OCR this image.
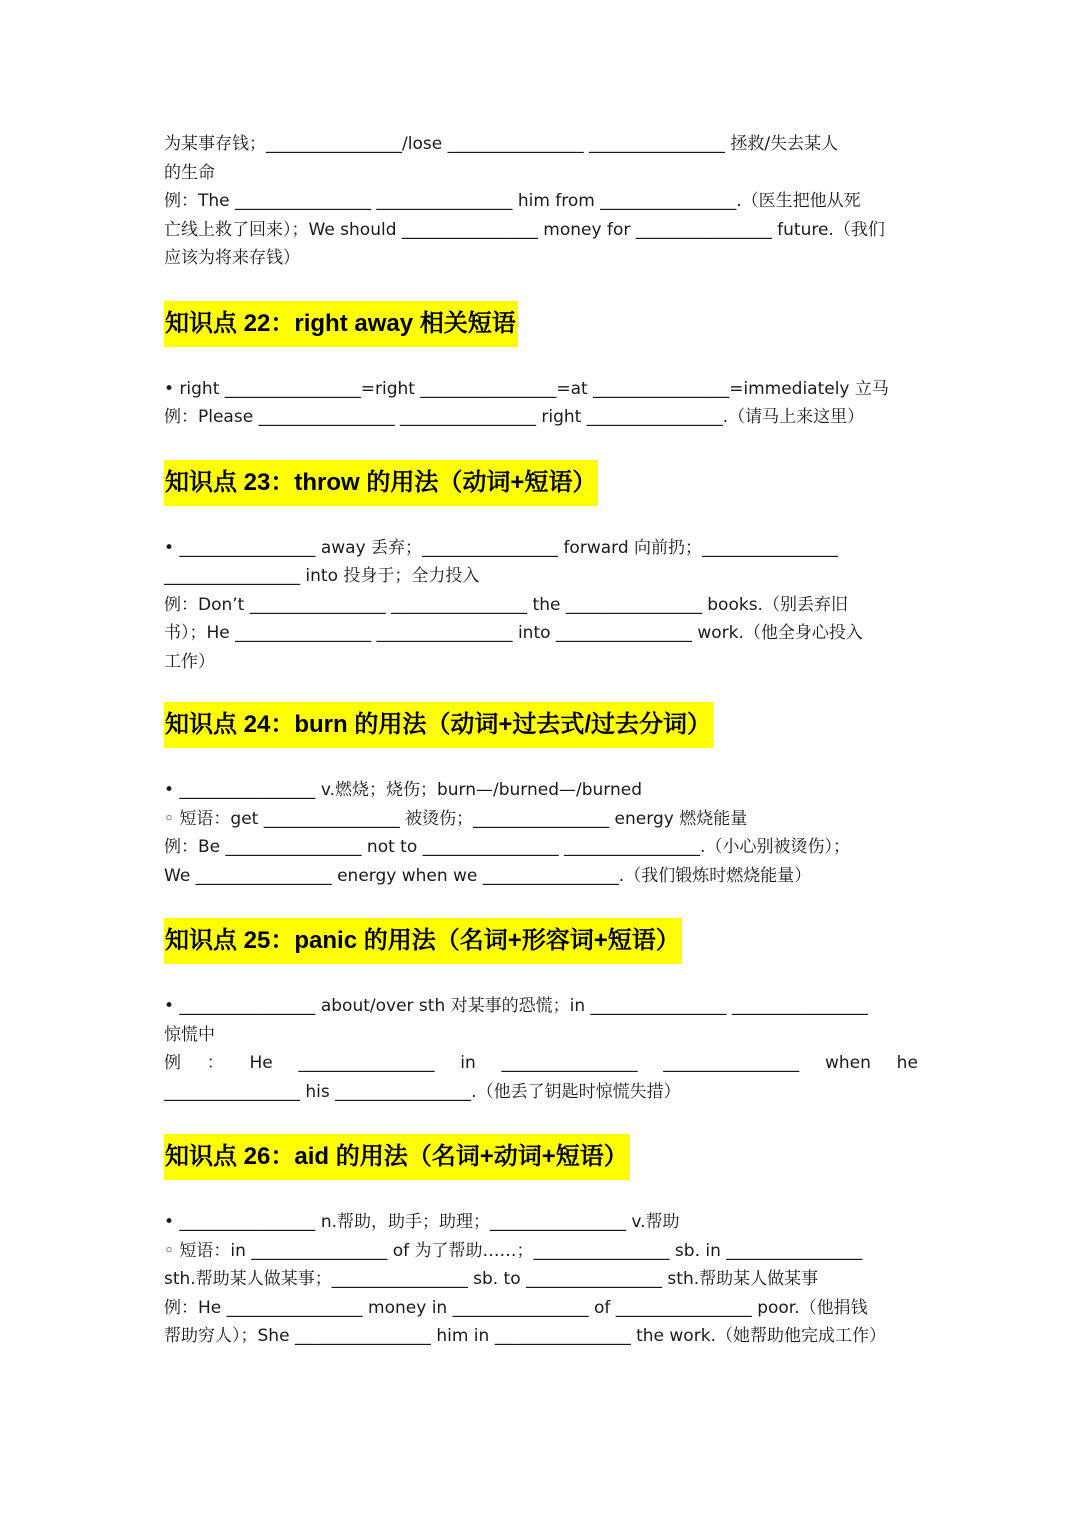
为某事存钱；________________/lose ________________ ________________ 拯救/失去某人
的生命
例：The ________________ ________________ him from ________________.（医生把他从死
亡线上救了回来）；We should ________________ money for ________________ future.（我们
应该为将来存钱）
知识点 22：right away 相关短语
• right ________________=right ________________=at ________________=immediately 立马
例：Please ________________ ________________ right ________________.（请马上来这里）
知识点 23：throw 的用法（动词+短语）
• ________________ away 丢弃；________________ forward 向前扔；________________
________________ into 投身于；全力投入
例：Don’t ________________ ________________ the ________________ books.（别丢弃旧
书）；He ________________ ________________ into ________________ work.（他全身心投入
工作）
知识点 24：burn 的用法（动词+过去式/过去分词）
• ________________ v.燃烧；烧伤；burn—/burned—/burned
◦ 短语：get ________________ 被烫伤；________________ energy 燃烧能量
例：Be ________________ not to ________________ ________________.（小心别被烫伤）；
We ________________ energy when we ________________.（我们锻炼时燃烧能量）
知识点 25：panic 的用法（名词+形容词+短语）
• ________________ about/over sth 对某事的恐慌；in ________________ ________________
惊慌中
例 ： He ________________ in ________________ ________________ when he
________________ his ________________.（他丢了钥匙时惊慌失措）
知识点 26：aid 的用法（名词+动词+短语）
• ________________ n.帮助，助手；助理；________________ v.帮助
◦ 短语：in ________________ of 为了帮助……；________________ sb. in ________________
sth.帮助某人做某事；________________ sb. to ________________ sth.帮助某人做某事
例：He ________________ money in ________________ of ________________ poor.（他捐钱
帮助穷人）；She ________________ him in ________________ the work.（她帮助他完成工作）
